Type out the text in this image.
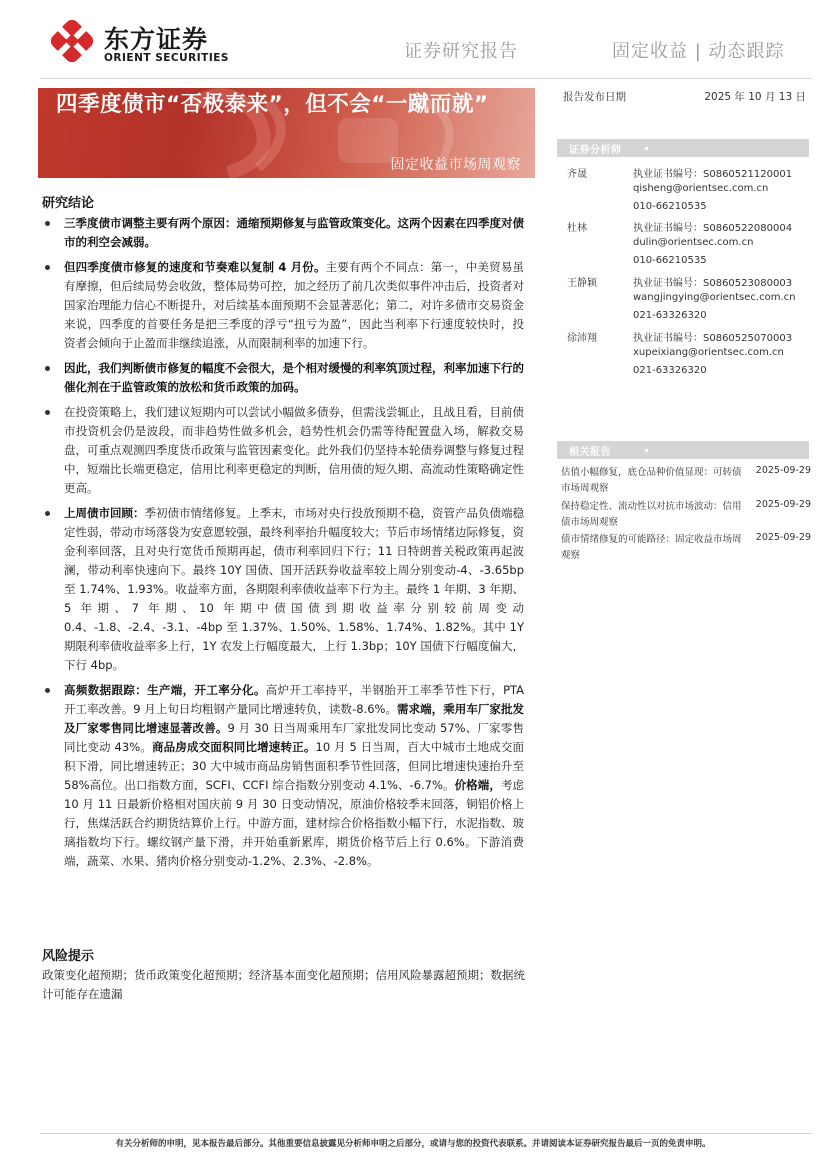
东方证券
ORIENT SECURITIES	证券研究报告	固定收益 | 动态跟踪
四季度债市“否极泰来”，但不会“一蹴而就”
固定收益市场周观察
报告发布日期	2025 年 10 月 13 日
证券分析师
齐晟	执业证书编号：S0860521120001
qisheng@orientsec.com.cn
010-66210535
杜林	执业证书编号：S0860522080004
dulin@orientsec.com.cn
010-66210535
王静颖	执业证书编号：S0860523080003
wangjingying@orientsec.com.cn
021-63326320
徐沛翔	执业证书编号：S0860525070003
xupeixiang@orientsec.com.cn
021-63326320
相关报告
估值小幅修复，底仓品种价值显现：可转债市场周观察
2025-09-29
保持稳定性、流动性以对抗市场波动：信用债市场周观察
2025-09-29
债市情绪修复的可能路径：固定收益市场周观察
2025-09-29
研究结论
三季度债市调整主要有两个原因：通缩预期修复与监管政策变化。这两个因素在四季度对债市的利空会减弱。
但四季度债市修复的速度和节奏难以复制 4 月份。主要有两个不同点：第一，中美贸易虽有摩擦，但后续局势会收敛，整体局势可控，加之经历了前几次类似事件冲击后，投资者对国家治理能力信心不断提升，对后续基本面预期不会显著恶化；第二，对许多债市交易资金来说，四季度的首要任务是把三季度的浮亏“扭亏为盈”，因此当利率下行速度较快时，投资者会倾向于止盈而非继续追涨，从而限制利率的加速下行。
因此，我们判断债市修复的幅度不会很大，是个相对缓慢的利率筑顶过程，利率加速下行的催化剂在于监管政策的放松和货币政策的加码。
在投资策略上，我们建议短期内可以尝试小幅做多债券，但需浅尝辄止，且战且看，目前债市投资机会仍是波段，而非趋势性做多机会，趋势性机会仍需等待配置盘入场，解救交易盘，可重点观测四季度货币政策与监管因素变化。此外我们仍坚持本轮债券调整与修复过程中，短端比长端更稳定，信用比利率更稳定的判断，信用债的短久期、高流动性策略确定性更高。
上周债市回顾：季初债市情绪修复。上季末，市场对央行投放预期不稳，资管产品负债端稳定性弱，带动市场落袋为安意愿较强，最终利率抬升幅度较大；节后市场情绪边际修复，资金利率回落，且对央行宽货币预期再起，债市利率回归下行；11 日特朗普关税政策再起波澜，带动利率快速向下。最终 10Y 国债、国开活跃券收益率较上周分别变动-4、-3.65bp 至 1.74%、1.93%。收益率方面，各期限利率债收益率下行为主。最终 1 年期、3 年期、5 年期、7 年期、10 年期中债国债到期收益率分别较前周变动 0.4、-1.8、-2.4、-3.1、-4bp 至 1.37%、1.50%、1.58%、1.74%、1.82%。其中 1Y 期限利率债收益率多上行，1Y 农发上行幅度最大，上行 1.3bp；10Y 国债下行幅度偏大，下行 4bp。
高频数据跟踪：生产端，开工率分化。高炉开工率持平，半钢胎开工率季节性下行，PTA 开工率改善。9 月上旬日均粗钢产量同比增速转负，读数-8.6%。需求端，乘用车厂家批发及厂家零售同比增速显著改善。9 月 30 日当周乘用车厂家批发同比变动 57%、厂家零售同比变动 43%。商品房成交面积同比增速转正。10 月 5 日当周，百大中城市土地成交面积下滑，同比增速转正；30 大中城市商品房销售面积季节性回落，但同比增速快速抬升至 58%高位。出口指数方面，SCFI、CCFI 综合指数分别变动 4.1%、-6.7%。价格端，考虑 10 月 11 日最新价格相对国庆前 9 月 30 日变动情况，原油价格较季末回落，铜铝价格上行，焦煤活跃合约期货结算价上行。中游方面，建材综合价格指数小幅下行，水泥指数、玻璃指数均下行。螺纹钢产量下滑，并开始重新累库，期货价格节后上行 0.6%。下游消费端，蔬菜、水果、猪肉价格分别变动-1.2%、2.3%、-2.8%。
风险提示
政策变化超预期；货币政策变化超预期；经济基本面变化超预期；信用风险暴露超预期；数据统计可能存在遗漏
有关分析师的申明，见本报告最后部分。其他重要信息披露见分析师申明之后部分，或请与您的投资代表联系。并请阅读本证券研究报告最后一页的免责申明。
